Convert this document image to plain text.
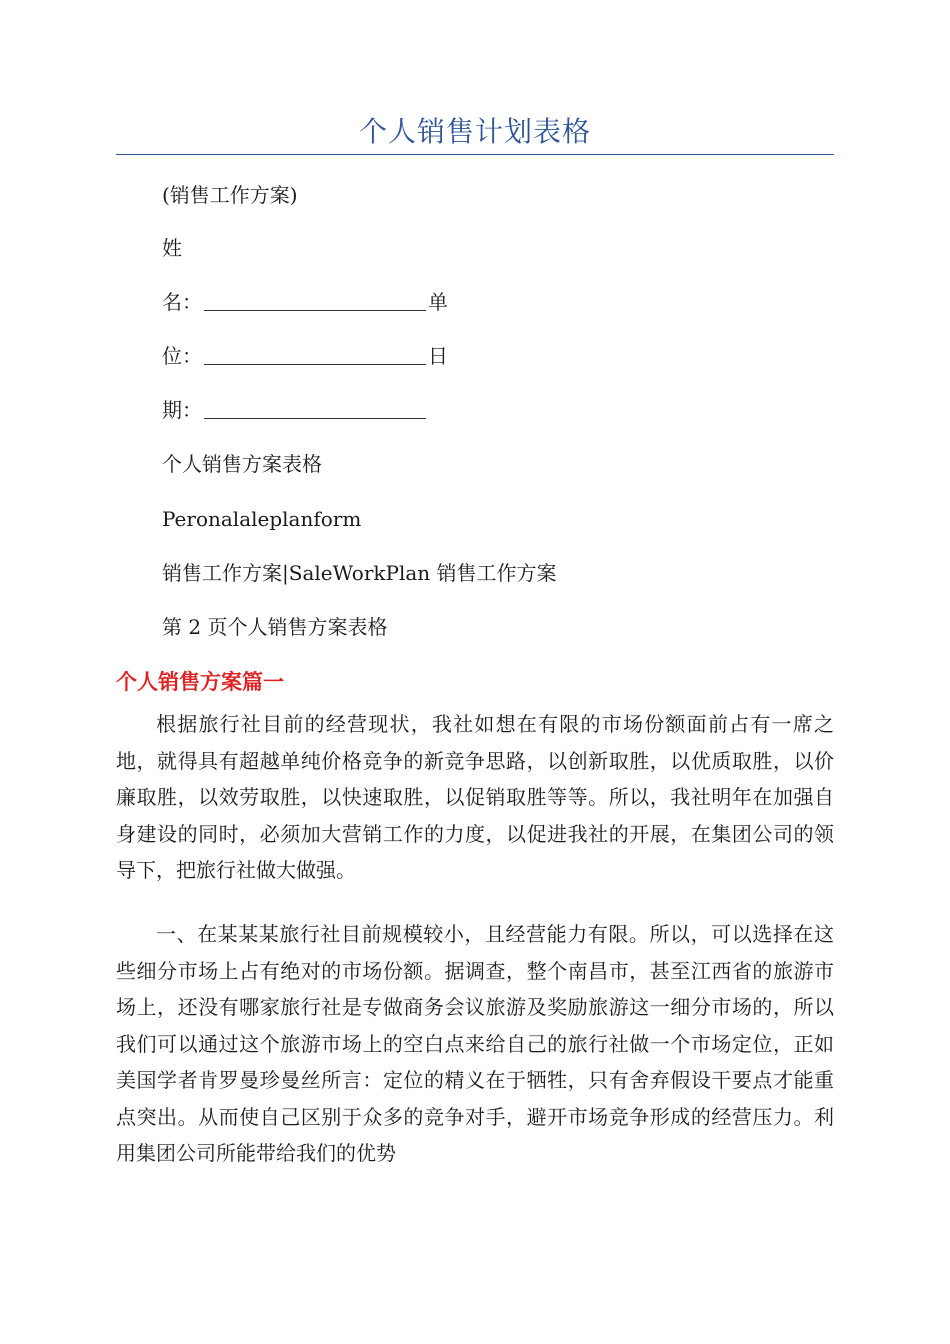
个人销售计划表格
(销售工作方案)
姓
名：	单
位：	日
期：
个人销售方案表格
Peronalaleplanform
销售工作方案|SaleWorkPlan 销售工作方案
第 2 页个人销售方案表格
个人销售方案篇一

根据旅行社目前的经营现状，我社如想在有限的市场份额面前占有一席之地，就得具有超越单纯价格竞争的新竞争思路，以创新取胜，以优质取胜，以价廉取胜，以效劳取胜，以快速取胜，以促销取胜等等。所以，我社明年在加强自身建设的同时，必须加大营销工作的力度，以促进我社的开展，在集团公司的领导下，把旅行社做大做强。

一、在某某某旅行社目前规模较小，且经营能力有限。所以，可以选择在这些细分市场上占有绝对的市场份额。据调查，整个南昌市，甚至江西省的旅游市场上，还没有哪家旅行社是专做商务会议旅游及奖励旅游这一细分市场的，所以我们可以通过这个旅游市场上的空白点来给自己的旅行社做一个市场定位，正如美国学者肯罗曼珍曼丝所言：定位的精义在于牺牲，只有舍弃假设干要点才能重点突出。从而使自己区别于众多的竞争对手，避开市场竞争形成的经营压力。利用集团公司所能带给我们的优势
